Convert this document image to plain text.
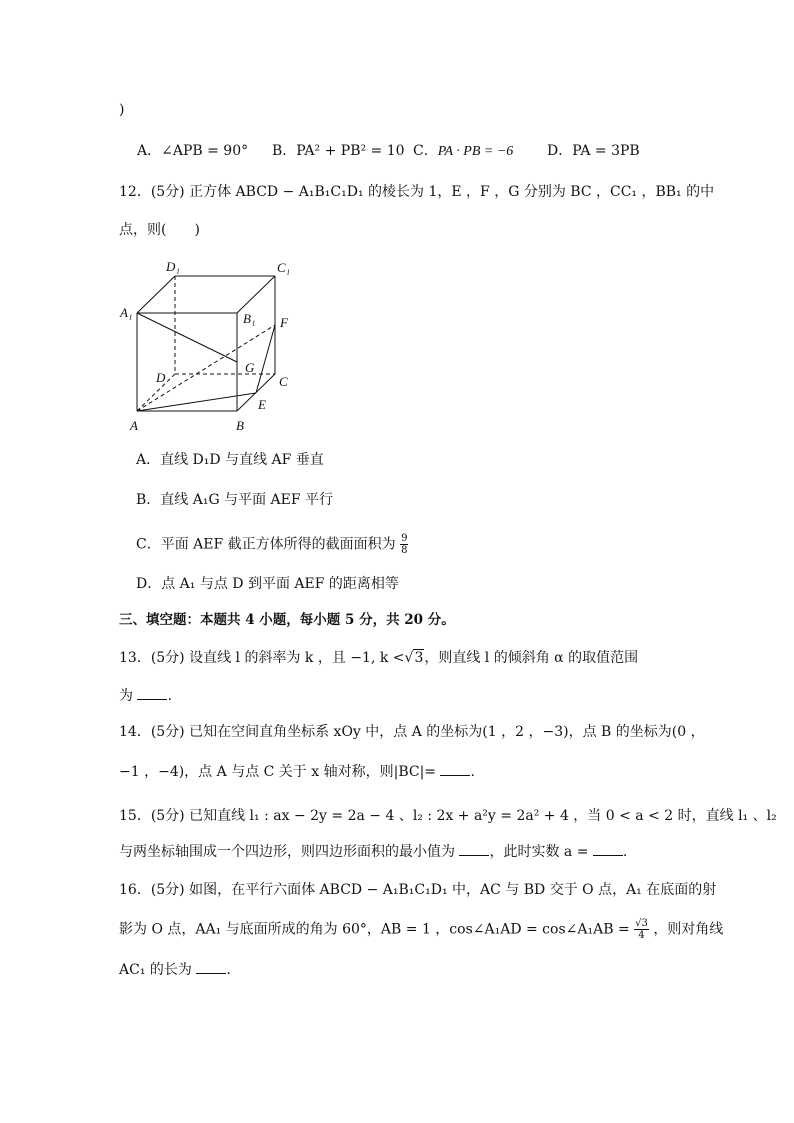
)
A．∠APB = 90° B．PA² + PB² = 10 C．PA · PB = −6 D．PA = 3PB
12．(5分) 正方体 ABCD − A₁B₁C₁D₁ 的棱长为 1，E ，F ，G 分别为 BC ，CC₁ ，BB₁ 的中
点，则(　　)
D₁	C₁
A₁	B₁ F
G
D	C
E
A	B
A．直线 D₁D 与直线 AF 垂直
B．直线 A₁G 与平面 AEF 平行
C．平面 AEF 截正方体所得的截面面积为 $\frac{9}{8}$
D．点 A₁ 与点 D 到平面 AEF 的距离相等
三、填空题：本题共 4 小题，每小题 5 分，共 20 分。
13．(5分) 设直线 l 的斜率为 k ，且 −1, k <√3，则直线 l 的倾斜角 α 的取值范围
为 .
14．(5分) 已知在空间直角坐标系 xOy 中，点 A 的坐标为(1 ，2 ，−3)，点 B 的坐标为(0 ，
−1 ，−4)，点 A 与点 C 关于 x 轴对称，则|BC|= .
15．(5分) 已知直线 l₁ : ax − 2y = 2a − 4 、l₂ : 2x + a²y = 2a² + 4 ，当 0 < a < 2 时，直线 l₁ 、l₂
与两坐标轴围成一个四边形，则四边形面积的最小值为 ，此时实数 a = .
16．(5分) 如图，在平行六面体 ABCD − A₁B₁C₁D₁ 中，AC 与 BD 交于 O 点，A₁ 在底面的射
影为 O 点，AA₁ 与底面所成的角为 60°，AB = 1 ，cos∠A₁AD = cos∠A₁AB = $\frac{√3}{4}$ ，则对角线
AC₁ 的长为 .
